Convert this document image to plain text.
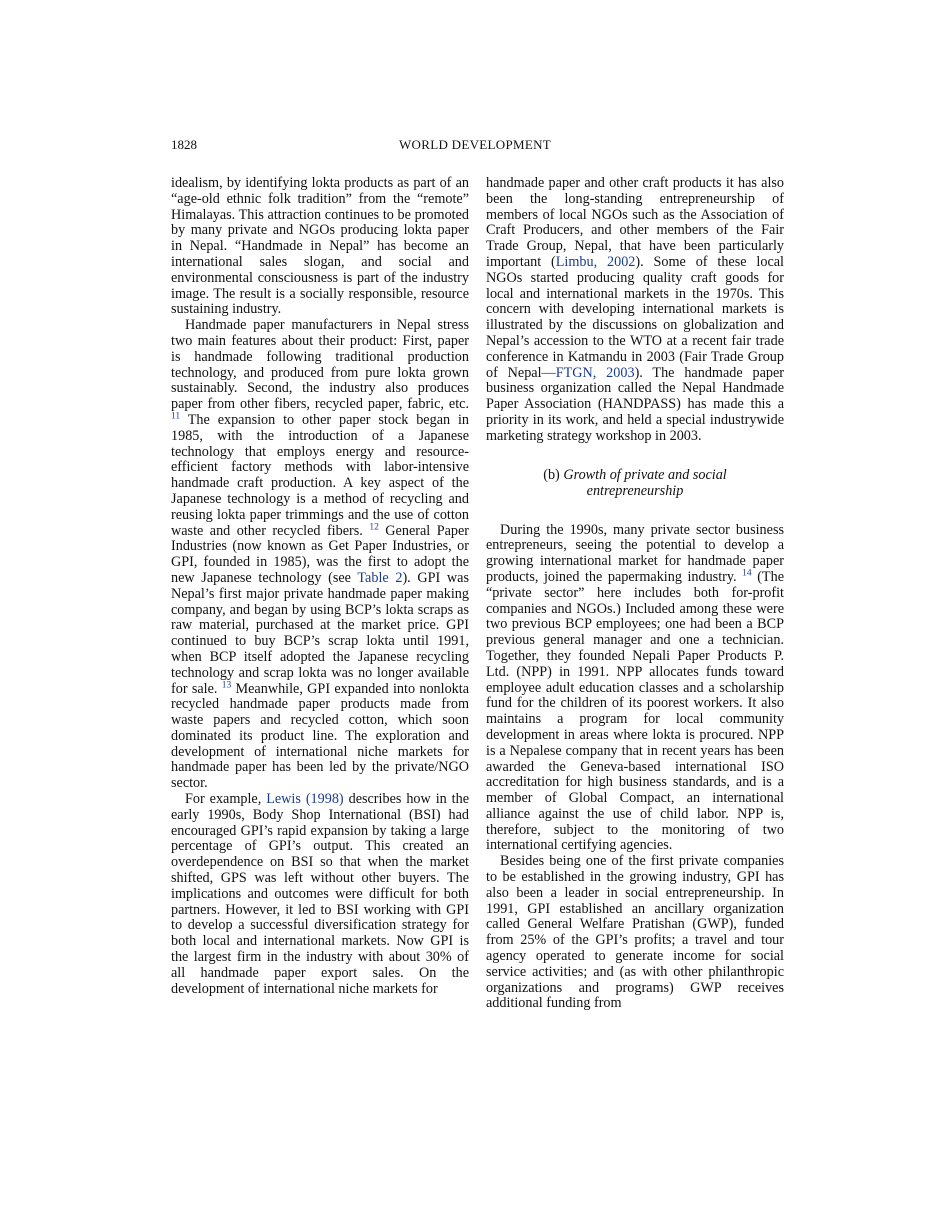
1828	WORLD DEVELOPMENT

idealism, by identifying lokta products as part of an “age-old ethnic folk tradition” from the “remote” Himalayas. This attraction continues to be promoted by many private and NGOs producing lokta paper in Nepal. “Handmade in Nepal” has become an international sales slogan, and social and environmental consciousness is part of the industry image. The result is a socially responsible, resource sustaining industry.

Handmade paper manufacturers in Nepal stress two main features about their product: First, paper is handmade following traditional production technology, and produced from pure lokta grown sustainably. Second, the industry also produces paper from other fibers, recycled paper, fabric, etc. $^{11}$ The expansion to other paper stock began in 1985, with the introduction of a Japanese technology that employs energy and resource-efficient factory methods with labor-intensive handmade craft production. A key aspect of the Japanese technology is a method of recycling and reusing lokta paper trimmings and the use of cotton waste and other recycled fibers. $^{12}$ General Paper Industries (now known as Get Paper Industries, or GPI, founded in 1985), was the first to adopt the new Japanese technology (see Table 2). GPI was Nepal’s first major private handmade paper making company, and began by using BCP’s lokta scraps as raw material, purchased at the market price. GPI continued to buy BCP’s scrap lokta until 1991, when BCP itself adopted the Japanese recycling technology and scrap lokta was no longer available for sale. $^{13}$ Meanwhile, GPI expanded into nonlokta recycled handmade paper products made from waste papers and recycled cotton, which soon dominated its product line. The exploration and development of international niche markets for handmade paper has been led by the private/NGO sector.

For example, Lewis (1998) describes how in the early 1990s, Body Shop International (BSI) had encouraged GPI’s rapid expansion by taking a large percentage of GPI’s output. This created an overdependence on BSI so that when the market shifted, GPS was left without other buyers. The implications and outcomes were difficult for both partners. However, it led to BSI working with GPI to develop a successful diversification strategy for both local and international markets. Now GPI is the largest firm in the industry with about 30% of all handmade paper export sales. On the development of international niche markets for

handmade paper and other craft products it has also been the long-standing entrepreneurship of members of local NGOs such as the Association of Craft Producers, and other members of the Fair Trade Group, Nepal, that have been particularly important (Limbu, 2002). Some of these local NGOs started producing quality craft goods for local and international markets in the 1970s. This concern with developing international markets is illustrated by the discussions on globalization and Nepal’s accession to the WTO at a recent fair trade conference in Katmandu in 2003 (Fair Trade Group of Nepal—FTGN, 2003). The handmade paper business organization called the Nepal Handmade Paper Association (HANDPASS) has made this a priority in its work, and held a special industrywide marketing strategy workshop in 2003.

(b) Growth of private and social
entrepreneurship

During the 1990s, many private sector business entrepreneurs, seeing the potential to develop a growing international market for handmade paper products, joined the papermaking industry. $^{14}$ (The “private sector” here includes both for-profit companies and NGOs.) Included among these were two previous BCP employees; one had been a BCP previous general manager and one a technician. Together, they founded Nepali Paper Products P. Ltd. (NPP) in 1991. NPP allocates funds toward employee adult education classes and a scholarship fund for the children of its poorest workers. It also maintains a program for local community development in areas where lokta is procured. NPP is a Nepalese company that in recent years has been awarded the Geneva-based international ISO accreditation for high business standards, and is a member of Global Compact, an international alliance against the use of child labor. NPP is, therefore, subject to the monitoring of two international certifying agencies.

Besides being one of the first private companies to be established in the growing industry, GPI has also been a leader in social entrepreneurship. In 1991, GPI established an ancillary organization called General Welfare Pratishan (GWP), funded from 25% of the GPI’s profits; a travel and tour agency operated to generate income for social service activities; and (as with other philanthropic organizations and programs) GWP receives additional funding from
